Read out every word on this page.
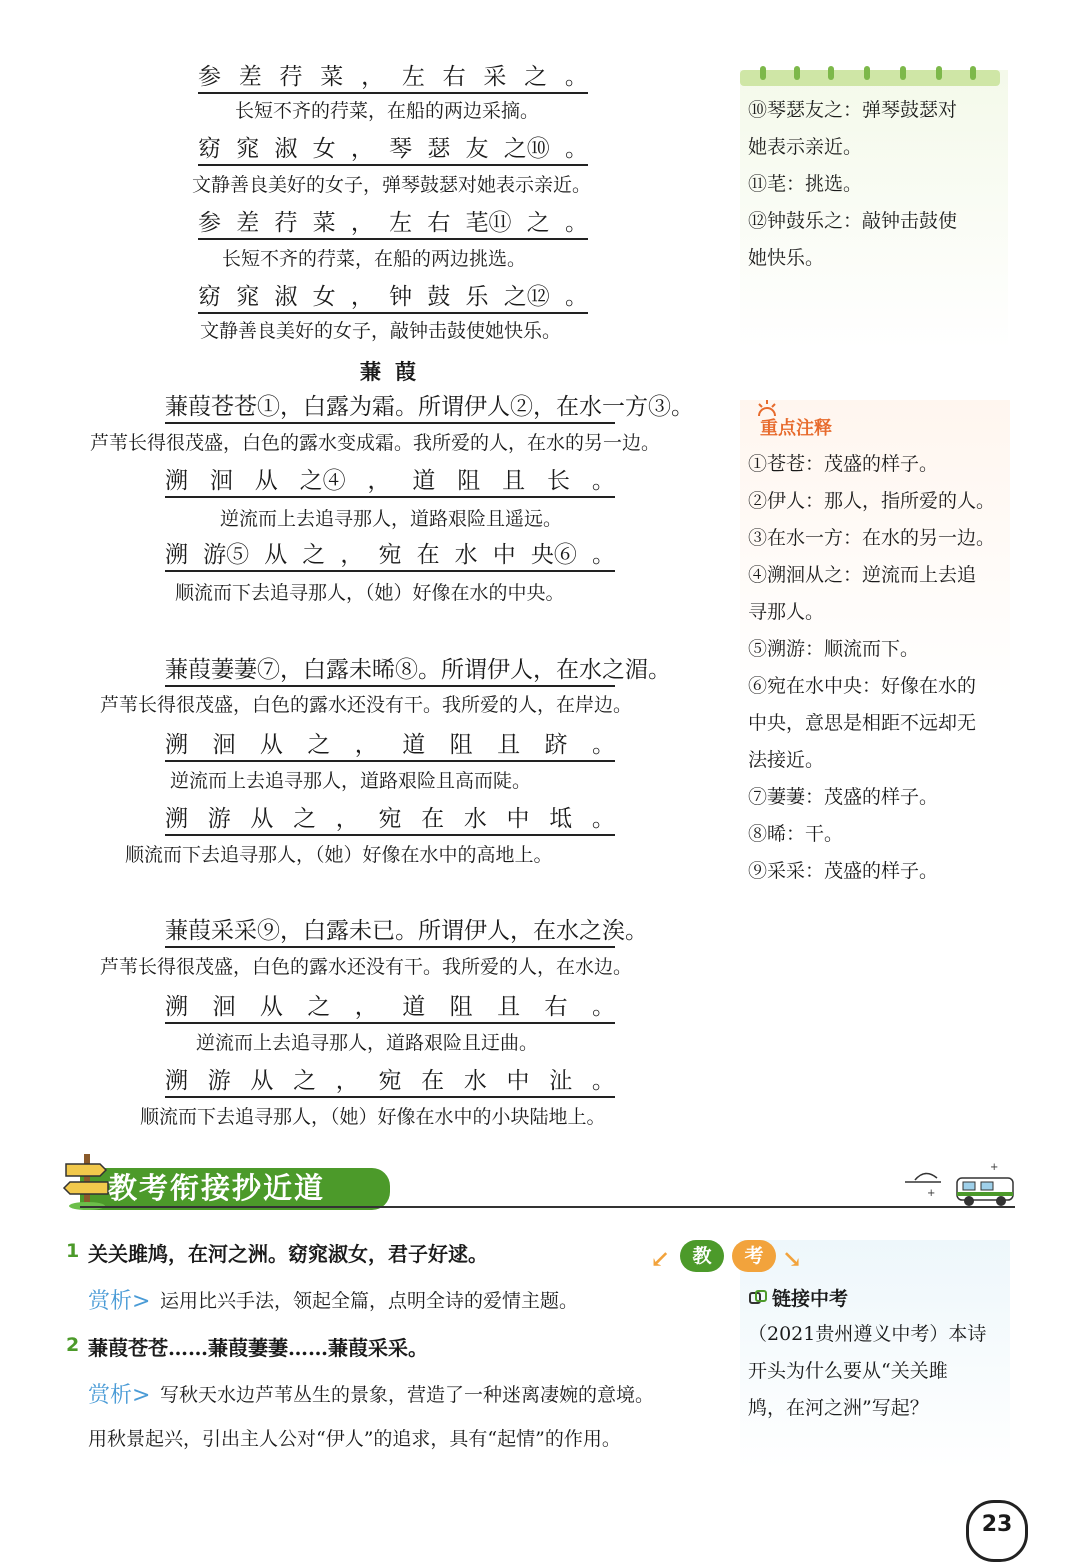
⑩琴瑟友之：弹琴鼓瑟对
她表示亲近。
⑪芼：挑选。
⑫钟鼓乐之：敲钟击鼓使
她快乐。
重点注释
①苍苍：茂盛的样子。
②伊人：那人，指所爱的人。
③在水一方：在水的另一边。
④溯洄从之：逆流而上去追
寻那人。
⑤溯游：顺流而下。
⑥宛在水中央：好像在水的
中央，意思是相距不远却无
法接近。
⑦萋萋：茂盛的样子。
⑧晞：干。
⑨采采：茂盛的样子。
参 差 荇 菜 ， 左 右 采 之 。
长短不齐的荇菜，在船的两边采摘。
窈 窕 淑 女 ， 琴 瑟 友 之⑩ 。
文静善良美好的女子，弹琴鼓瑟对她表示亲近。
参 差 荇 菜 ， 左 右 芼⑪ 之 。
长短不齐的荇菜，在船的两边挑选。
窈 窕 淑 女 ， 钟 鼓 乐 之⑫ 。
文静善良美好的女子，敲钟击鼓使她快乐。
蒹葭
蒹葭苍苍①，白露为霜。所谓伊人②，在水一方③。
芦苇长得很茂盛，白色的露水变成霜。我所爱的人，在水的另一边。
溯 洄 从 之④ ， 道 阻 且 长 。
逆流而上去追寻那人，道路艰险且遥远。
溯 游⑤ 从 之 ， 宛 在 水 中 央⑥ 。
顺流而下去追寻那人，（她）好像在水的中央。
蒹葭萋萋⑦，白露未晞⑧。所谓伊人，在水之湄。
芦苇长得很茂盛，白色的露水还没有干。我所爱的人，在岸边。
溯 洄 从 之 ， 道 阻 且 跻 。
逆流而上去追寻那人，道路艰险且高而陡。
溯 游 从 之 ， 宛 在 水 中 坻 。
顺流而下去追寻那人，（她）好像在水中的高地上。
蒹葭采采⑨，白露未已。所谓伊人，在水之涘。
芦苇长得很茂盛，白色的露水还没有干。我所爱的人，在水边。
溯 洄 从 之 ， 道 阻 且 右 。
逆流而上去追寻那人，道路艰险且迂曲。
溯 游 从 之 ， 宛 在 水 中 沚 。
顺流而下去追寻那人，（她）好像在水中的小块陆地上。
教考衔接抄近道
+
+
1 关关雎鸠，在河之洲。窈窕淑女，君子好逑。
赏析> 运用比兴手法，领起全篇，点明全诗的爱情主题。
2 蒹葭苍苍……蒹葭萋萋……蒹葭采采。
赏析> 写秋天水边芦苇丛生的景象，营造了一种迷离凄婉的意境。
用秋景起兴，引出主人公对“伊人”的追求，具有“起情”的作用。
↙	教	考 ↘
链接中考
（2021贵州遵义中考）本诗
开头为什么要从“关关雎
鸠，在河之洲”写起？
23
